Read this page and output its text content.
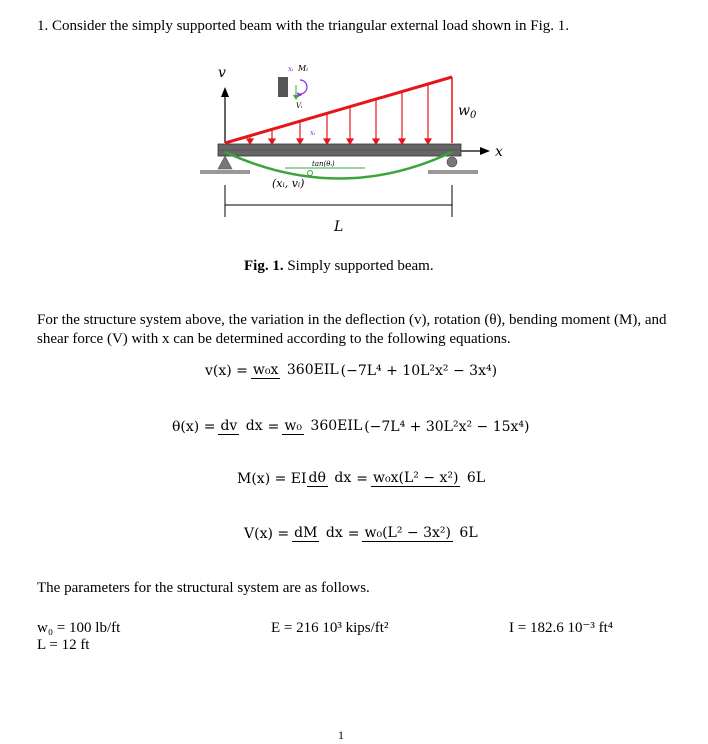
1. Consider the simply supported beam with the triangular external load shown in Fig. 1.
v
x
$w_0$
tan(θᵢ)
(xᵢ, vᵢ)
xᵢ Mᵢ
Vᵢ
xᵢ
L
Fig. 1. Simply supported beam.
For the structure system above, the variation in the deflection (v), rotation (θ), bending moment (M), and shear force (V) with x can be determined according to the following equations.
v(x) = w₀x 360EIL (−7L⁴ + 10L²x² − 3x⁴)
θ(x) = dv dx = w₀ 360EIL (−7L⁴ + 30L²x² − 15x⁴)
M(x) = EI dθ dx = w₀x(L² − x²) 6L
V(x) = dM dx = w₀(L² − 3x²) 6L
The parameters for the structural system are as follows.
w₀ = 100 lb/ft
L = 12 ft
E = 216 10³ kips/ft²	I = 182.6 10⁻³ ft⁴
1
